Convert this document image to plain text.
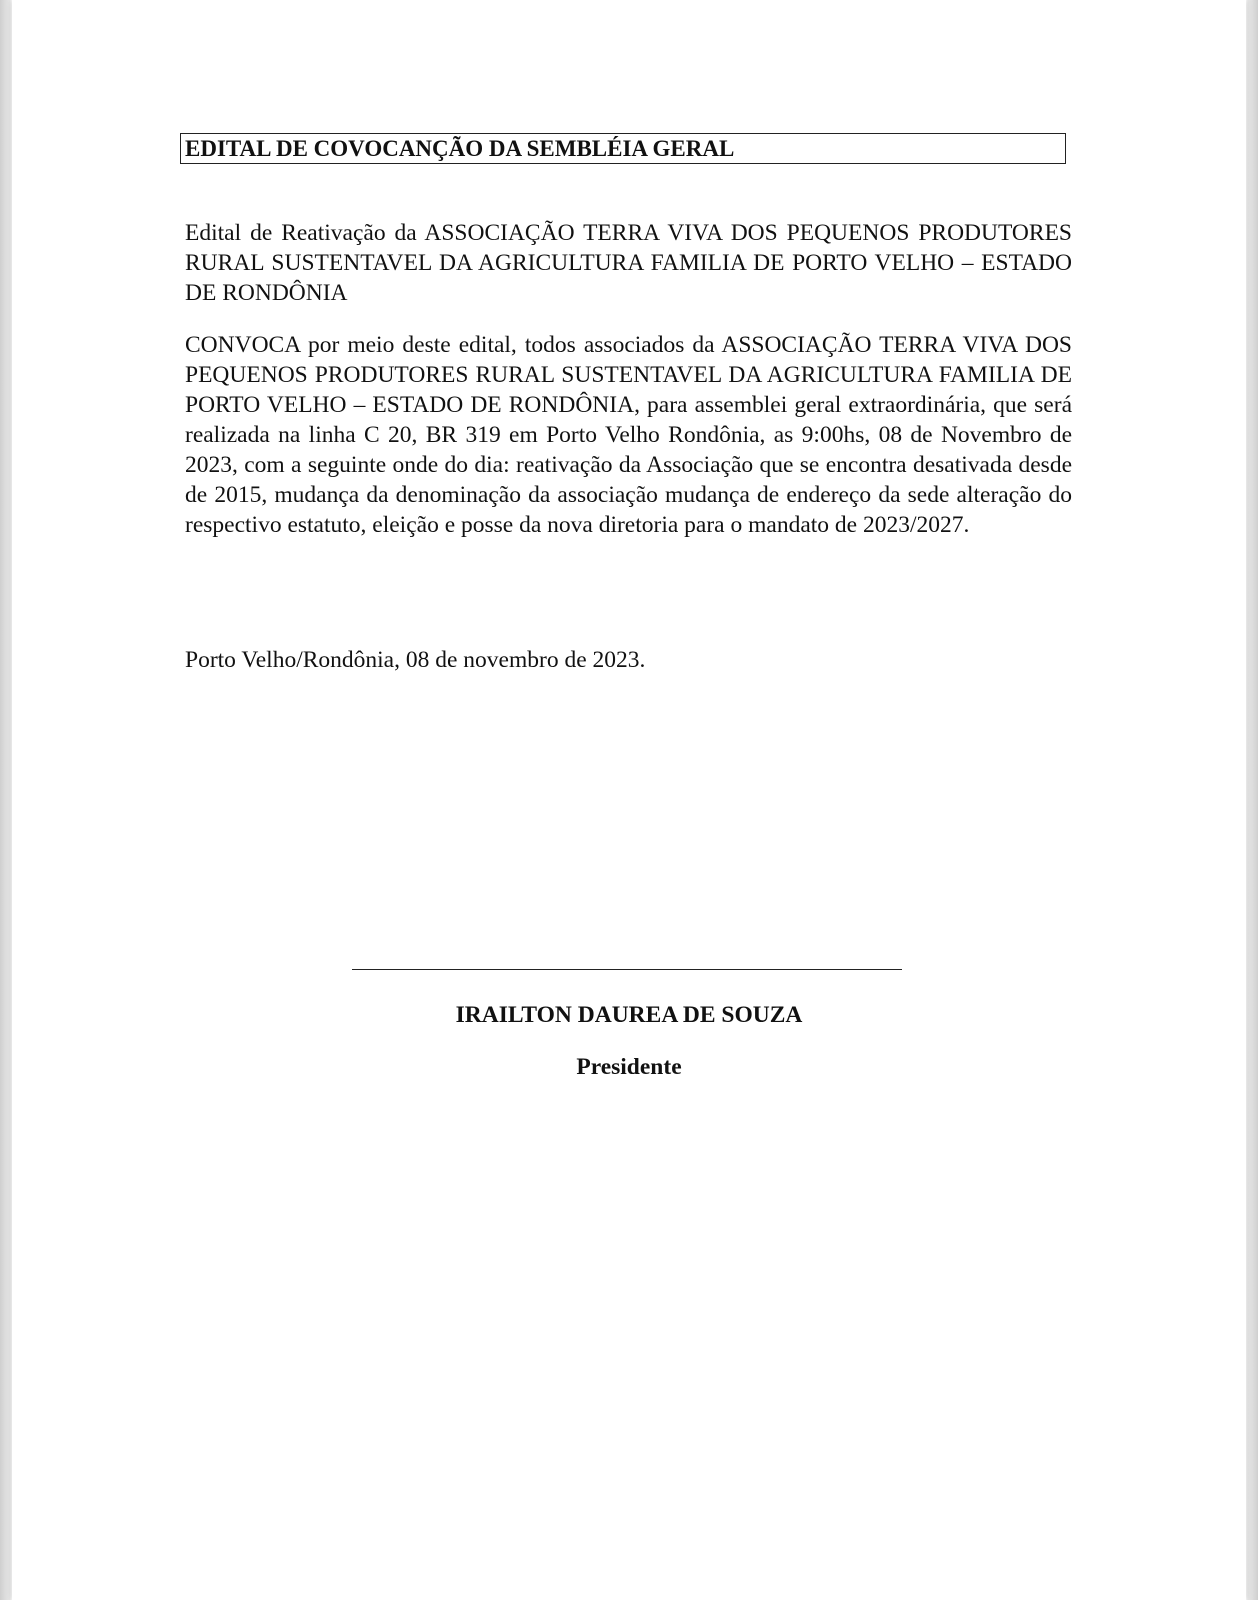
EDITAL DE COVOCANÇÃO DA SEMBLÉIA GERAL
Edital de Reativação da ASSOCIAÇÃO TERRA VIVA DOS PEQUENOS PRODUTORES RURAL SUSTENTAVEL DA AGRICULTURA FAMILIA DE PORTO VELHO – ESTADO DE RONDÔNIA
CONVOCA por meio deste edital, todos associados da ASSOCIAÇÃO TERRA VIVA DOS PEQUENOS PRODUTORES RURAL SUSTENTAVEL DA AGRICULTURA FAMILIA DE PORTO VELHO – ESTADO DE RONDÔNIA, para assemblei geral extraordinária, que será realizada na linha C 20, BR 319 em Porto Velho Rondônia, as 9:00hs, 08 de Novembro de 2023, com a seguinte onde do dia: reativação da Associação que se encontra desativada desde de 2015, mudança da denominação da associação mudança de endereço da sede alteração do respectivo estatuto, eleição e posse da nova diretoria para o mandato de 2023/2027.
Porto Velho/Rondônia, 08 de novembro de 2023.
IRAILTON DAUREA DE SOUZA
Presidente
